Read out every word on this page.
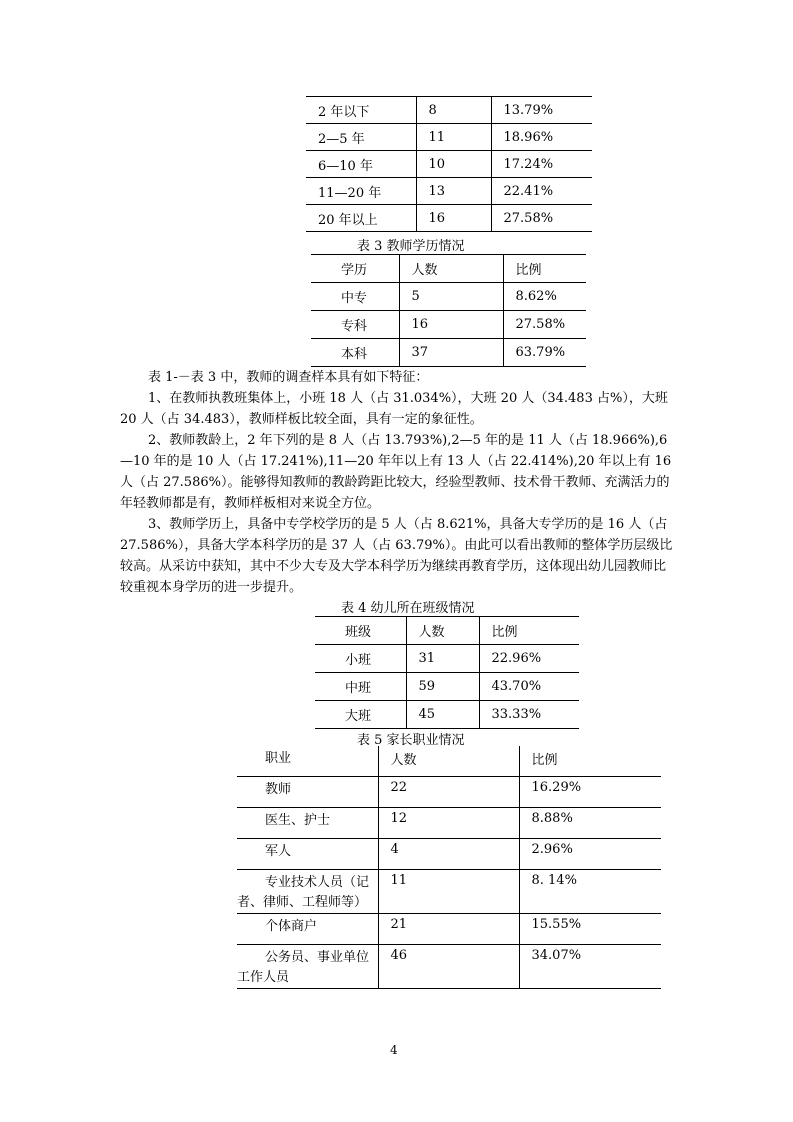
2 年以下	8	13.79%
2—5 年	11	18.96%
6—10 年	10	17.24%
11—20 年	13	22.41%
20 年以上	16	27.58%
表 3 教师学历情况
学历	人数	比例
中专	5	8.62%
专科	16	27.58%
本科	37	63.79%

表 1-－表 3 中，教师的调查样本具有如下特征：

1、在教师执教班集体上，小班 18 人（占 31.034%），大班 20 人（34.483 占%），大班 20 人（占 34.483），教师样板比较全面，具有一定的象征性。

2、教师教龄上，2 年下列的是 8 人（占 13.793%),2—5 年的是 11 人（占 18.966%),6—10 年的是 10 人（占 17.241%),11—20 年年以上有 13 人（占 22.414%),20 年以上有 16 人（占 27.586%）。能够得知教师的教龄跨距比较大，经验型教师、技术骨干教师、充满活力的年轻教师都是有，教师样板相对来说全方位。

3、教师学历上，具备中专学校学历的是 5 人（占 8.621%，具备大专学历的是 16 人（占 27.586%），具备大学本科学历的是 37 人（占 63.79%）。由此可以看出教师的整体学历层级比较高。从采访中获知，其中不少大专及大学本科学历为继续再教育学历，这体现出幼儿园教师比较重视本身学历的进一步提升。

表 4 幼儿所在班级情况
班级	人数	比例
小班	31	22.96%
中班	59	43.70%
大班	45	33.33%
表 5 家长职业情况
职业	人数	比例
教师	22	16.29%
医生、护士	12	8.88%
军人	4	2.96%
专业技术人员（记者、律师、工程师等）	11	8. 14%
个体商户	21	15.55%
公务员、事业单位工作人员	46	34.07%
4
